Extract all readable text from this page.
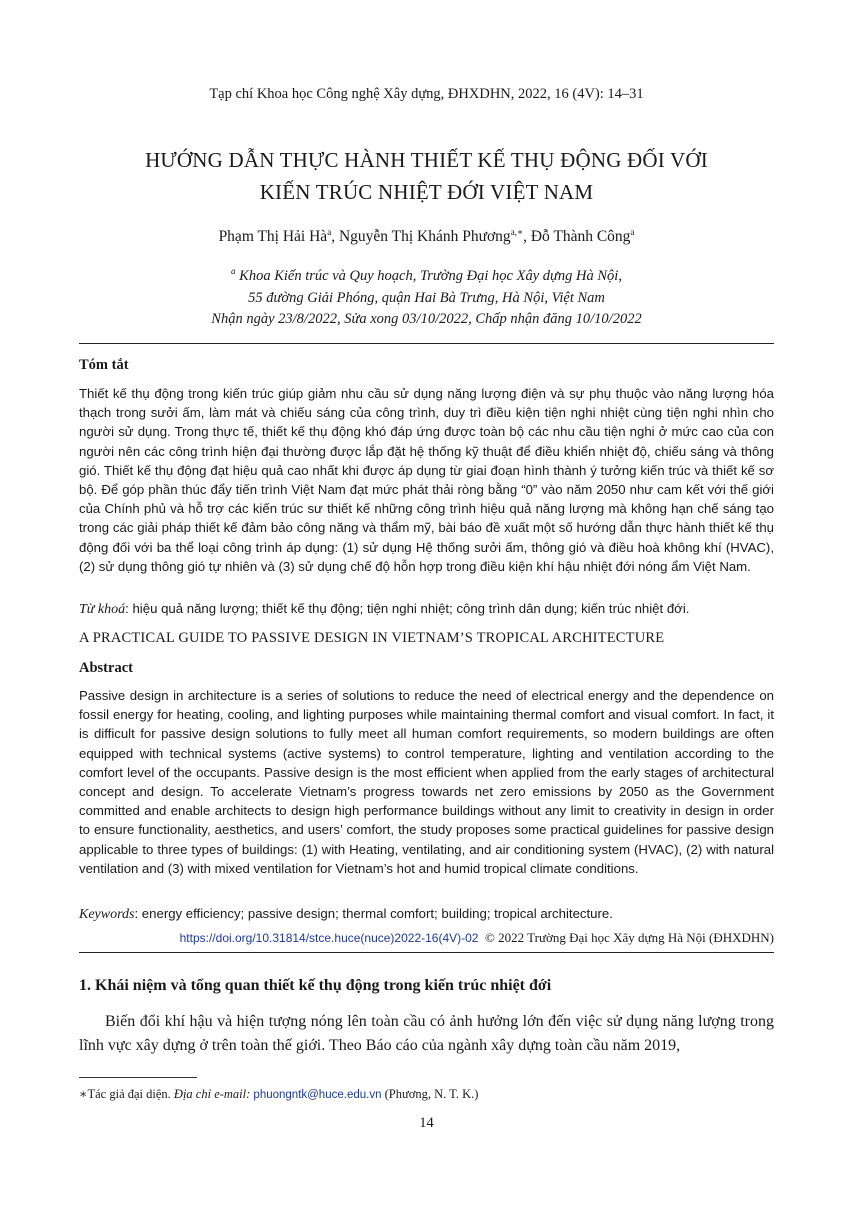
Tạp chí Khoa học Công nghệ Xây dựng, ĐHXDHN, 2022, 16 (4V): 14–31
HƯỚNG DẪN THỰC HÀNH THIẾT KẾ THỤ ĐỘNG ĐỐI VỚI
KIẾN TRÚC NHIỆT ĐỚI VIỆT NAM
Phạm Thị Hải $Hà^a$, Nguyễn Thị Khánh Phương$^{a,∗}$, Đỗ Thành Công$^a$
$^a$ Khoa Kiến trúc và Quy hoạch, Trường Đại học Xây dựng Hà Nội,
55 đường Giải Phóng, quận Hai Bà Trưng, Hà Nội, Việt Nam
Nhận ngày 23/8/2022, Sửa xong 03/10/2022, Chấp nhận đăng 10/10/2022
Tóm tắt
Thiết kế thụ động trong kiến trúc giúp giảm nhu cầu sử dụng năng lượng điện và sự phụ thuộc vào năng lượng hóa thạch trong sưởi ấm, làm mát và chiếu sáng của công trình, duy trì điều kiện tiện nghi nhiệt cùng tiện nghi nhìn cho người sử dụng. Trong thực tế, thiết kế thụ động khó đáp ứng được toàn bộ các nhu cầu tiện nghi ở mức cao của con người nên các công trình hiện đại thường được lắp đặt hệ thống kỹ thuật để điều khiển nhiệt độ, chiếu sáng và thông gió. Thiết kế thụ động đạt hiệu quả cao nhất khi được áp dụng từ giai đoạn hình thành ý tưởng kiến trúc và thiết kế sơ bộ. Để góp phần thúc đẩy tiến trình Việt Nam đạt mức phát thải ròng bằng “0” vào năm 2050 như cam kết với thế giới của Chính phủ và hỗ trợ các kiến trúc sư thiết kế những công trình hiệu quả năng lượng mà không hạn chế sáng tạo trong các giải pháp thiết kế đảm bảo công năng và thẩm mỹ, bài báo đề xuất một số hướng dẫn thực hành thiết kế thụ động đối với ba thể loại công trình áp dụng: (1) sử dụng Hệ thống sưởi ấm, thông gió và điều hoà không khí (HVAC), (2) sử dụng thông gió tự nhiên và (3) sử dụng chế độ hỗn hợp trong điều kiện khí hậu nhiệt đới nóng ẩm Việt Nam.
Từ khoá: hiệu quả năng lượng; thiết kế thụ động; tiện nghi nhiệt; công trình dân dụng; kiến trúc nhiệt đới.
A PRACTICAL GUIDE TO PASSIVE DESIGN IN VIETNAM’S TROPICAL ARCHITECTURE
Abstract
Passive design in architecture is a series of solutions to reduce the need of electrical energy and the dependence on fossil energy for heating, cooling, and lighting purposes while maintaining thermal comfort and visual comfort. In fact, it is difficult for passive design solutions to fully meet all human comfort requirements, so modern buildings are often equipped with technical systems (active systems) to control temperature, lighting and ventilation according to the comfort level of the occupants. Passive design is the most efficient when applied from the early stages of architectural concept and design. To accelerate Vietnam’s progress towards net zero emissions by 2050 as the Government committed and enable architects to design high performance buildings without any limit to creativity in design in order to ensure functionality, aesthetics, and users’ comfort, the study proposes some practical guidelines for passive design applicable to three types of buildings: (1) with Heating, ventilating, and air conditioning system (HVAC), (2) with natural ventilation and (3) with mixed ventilation for Vietnam’s hot and humid tropical climate conditions.
Keywords: energy efficiency; passive design; thermal comfort; building; tropical architecture.
https://doi.org/10.31814/stce.huce(nuce)2022-16(4V)-02 © 2022 Trường Đại học Xây dựng Hà Nội (ĐHXDHN)
1. Khái niệm và tổng quan thiết kế thụ động trong kiến trúc nhiệt đới
Biến đổi khí hậu và hiện tượng nóng lên toàn cầu có ảnh hưởng lớn đến việc sử dụng năng lượng trong lĩnh vực xây dựng ở trên toàn thế giới. Theo Báo cáo của ngành xây dựng toàn cầu năm 2019,
∗Tác giả đại diện. Địa chỉ e-mail: phuongntk@huce.edu.vn (Phương, N. T. K.)
14
